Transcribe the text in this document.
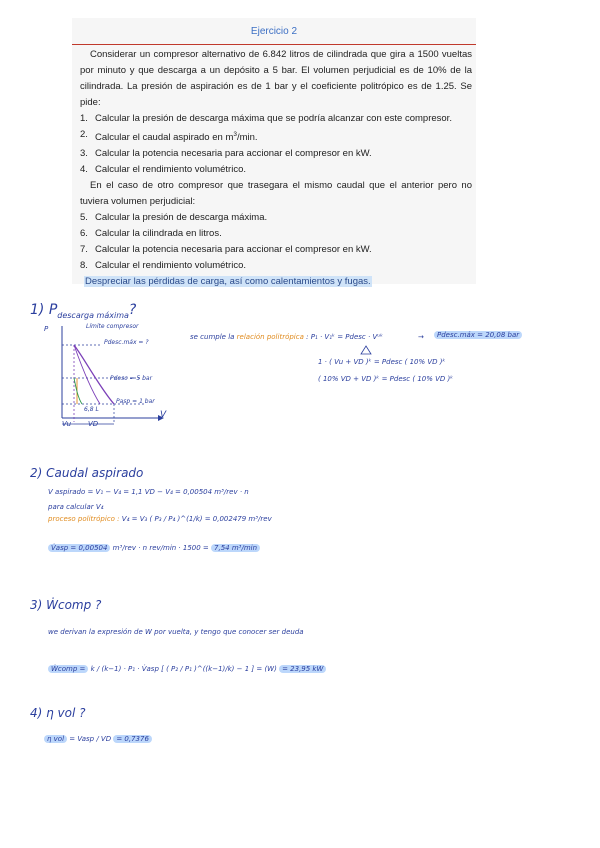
Ejercicio 2

Considerar un compresor alternativo de 6.842 litros de cilindrada que gira a 1500 vueltas por minuto y que descarga a un depósito a 5 bar. El volumen perjudicial es de 10% de la cilindrada. La presión de aspiración es de 1 bar y el coeficiente politrópico es de 1.25. Se pide:

1. Calcular la presión de descarga máxima que se podría alcanzar con este compresor.
2. Calcular el caudal aspirado en $m^3/\min$.
3. Calcular la potencia necesaria para accionar el compresor en kW.
4. Calcular el rendimiento volumétrico.

En el caso de otro compresor que trasegara el mismo caudal que el anterior pero no tuviera volumen perjudicial:

5. Calcular la presión de descarga máxima.
6. Calcular la cilindrada en litros.
7. Calcular la potencia necesaria para accionar el compresor en kW.
8. Calcular el rendimiento volumétrico.

Despreciar las pérdidas de carga, así como calentamientos y fugas.

1) $P_{descarga máxima}$?
P
V
Límite compresor
Pdesc.máx = ?
Pdesc = 5 bar
Pasp = 1 bar
6,8 L
Vu VD
se cumple la relación politrópica : P₁ · V₁ᵏ = Pdesc · Vᵘᵏ	→	Pdesc.máx = 20,08 bar
1 · ( Vu + VD )ᵏ = Pdesc ( 10% VD )ᵏ
( 10% VD + VD )ᵏ = Pdesc ( 10% VD )ᵏ
2) Caudal aspirado
V aspirado = V₁ − V₄ = 1,1 VD − V₄ = 0,00504 m³/rev · n
para calcular V₄
proceso politrópico : V₄ = V₃ ( P₃ / P₄ )^(1/k) = 0,002479 m³/rev
V̇asp = 0,00504 m³/rev · n rev/min · 1500 = 7,54 m³/min
3) Ẇcomp ?
we derivan la expresión de W por vuelta, y tengo que conocer ser deuda
Ẇcomp = k / (k−1) · P₁ · V̇asp [ ( P₂ / P₁ )^((k−1)/k) − 1 ] = (W) = 23,95 kW
4) η vol ?
η vol = Vasp / VD = 0,7376
